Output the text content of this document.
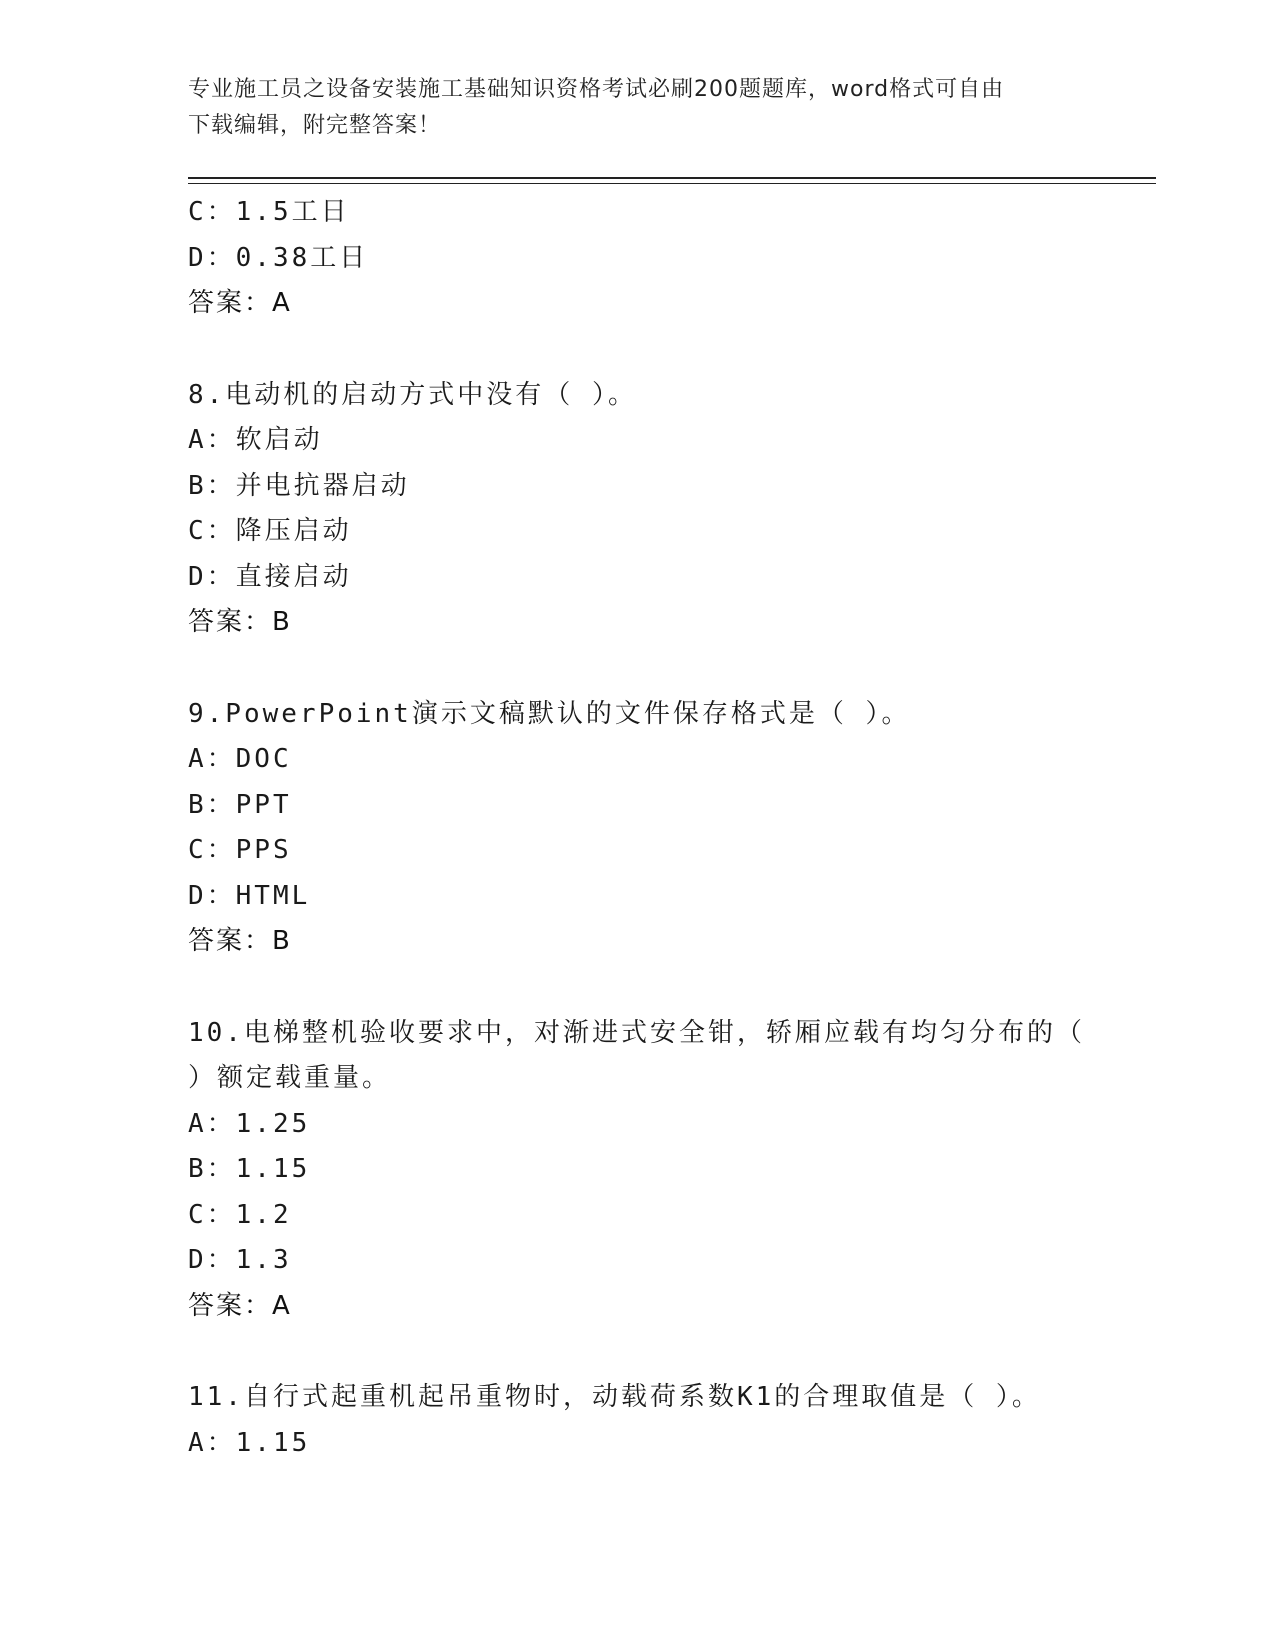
专业施工员之设备安装施工基础知识资格考试必刷200题题库，word格式可自由
下载编辑，附完整答案！
C：1.5工日
D：0.38工日
答案：A
8.电动机的启动方式中没有（ ）。
A：软启动
B：并电抗器启动
C：降压启动
D：直接启动
答案：B
9.PowerPoint演示文稿默认的文件保存格式是（ ）。
A：DOC
B：PPT
C：PPS
D：HTML
答案：B
10.电梯整机验收要求中，对渐进式安全钳，轿厢应载有均匀分布的（
）额定载重量。
A：1.25
B：1.15
C：1.2
D：1.3
答案：A
11.自行式起重机起吊重物时，动载荷系数K1的合理取值是（ ）。
A：1.15
